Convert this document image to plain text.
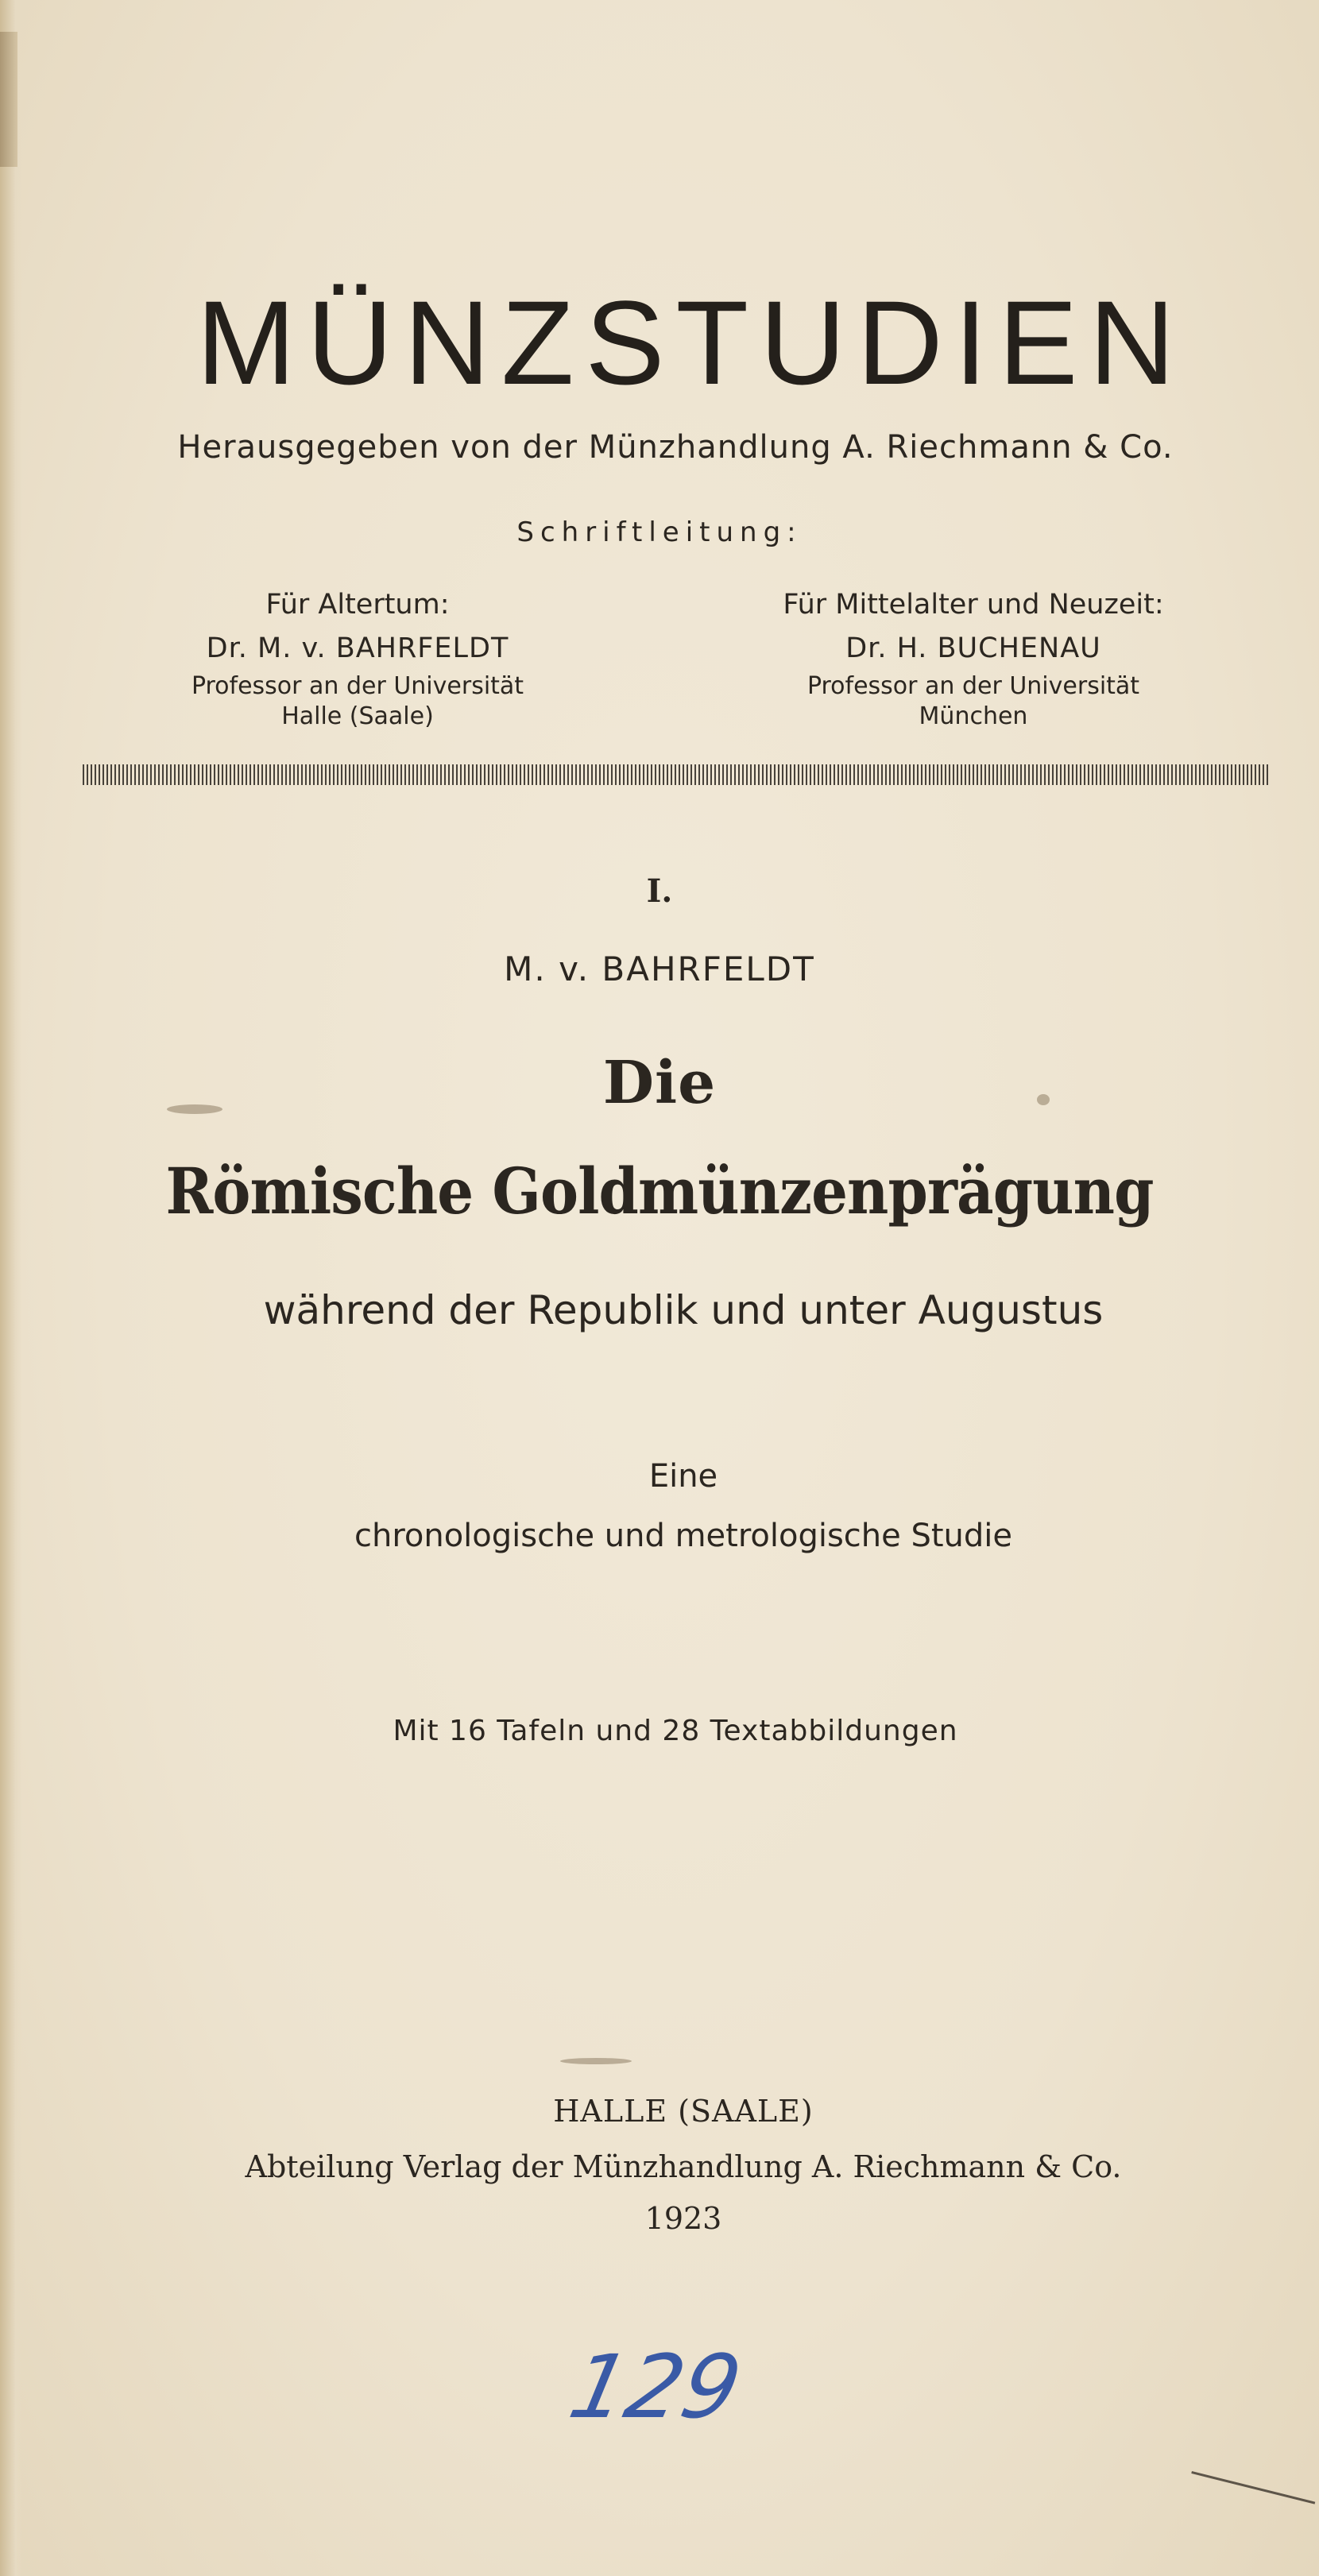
MÜNZSTUDIEN
Herausgegeben von der Münzhandlung A. Riechmann & Co.
Schriftleitung:
Für Altertum:
Dr. M. v. BAHRFELDT
Professor an der Universität
Halle (Saale)
Für Mittelalter und Neuzeit:
Dr. H. BUCHENAU
Professor an der Universität
München
I.
M. v. BAHRFELDT
Die
Römische Goldmünzenprägung
während der Republik und unter Augustus
Eine
chronologische und metrologische Studie
Mit 16 Tafeln und 28 Textabbildungen
HALLE (SAALE)
Abteilung Verlag der Münzhandlung A. Riechmann & Co.
1923
129
